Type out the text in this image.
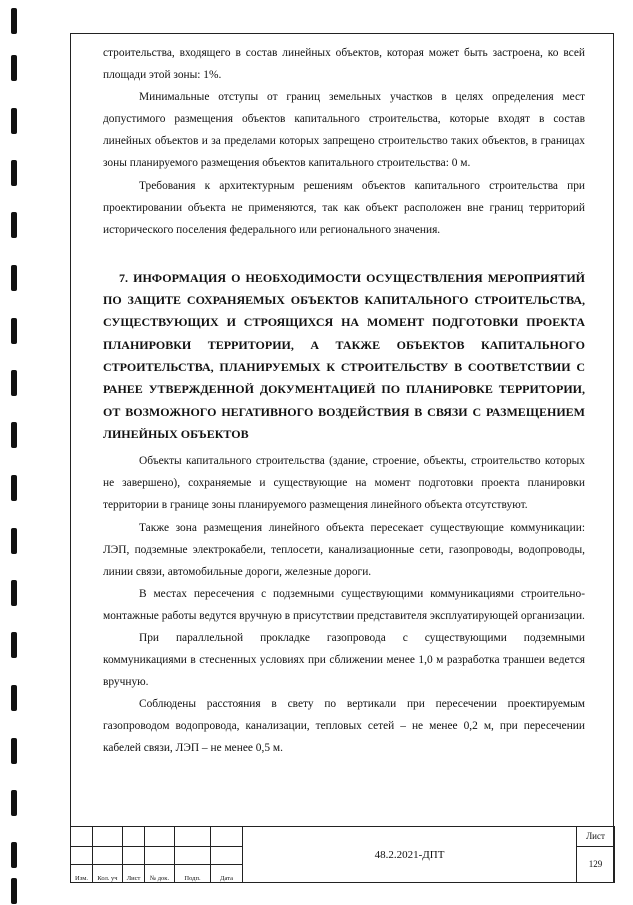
строительства, входящего в состав линейных объектов, которая может быть застроена, ко всей площади этой зоны: 1%.

Минимальные отступы от границ земельных участков в целях определения мест допустимого размещения объектов капитального строительства, которые входят в состав линейных объектов и за пределами которых запрещено строительство таких объектов, в границах зоны планируемого размещения объектов капитального строительства: 0 м.

Требования к архитектурным решениям объектов капитального строительства при проектировании объекта не применяются, так как объект расположен вне границ территорий исторического поселения федерального или регионального значения.

7. ИНФОРМАЦИЯ О НЕОБХОДИМОСТИ ОСУЩЕСТВЛЕНИЯ МЕРОПРИЯТИЙ ПО ЗАЩИТЕ СОХРАНЯЕМЫХ ОБЪЕКТОВ КАПИТАЛЬНОГО СТРОИТЕЛЬСТВА, СУЩЕСТВУЮЩИХ И СТРОЯЩИХСЯ НА МОМЕНТ ПОДГОТОВКИ ПРОЕКТА ПЛАНИРОВКИ ТЕРРИТОРИИ, А ТАКЖЕ ОБЪЕКТОВ КАПИТАЛЬНОГО СТРОИТЕЛЬСТВА, ПЛАНИРУЕМЫХ К СТРОИТЕЛЬСТВУ В СООТВЕТСТВИИ С РАНЕЕ УТВЕРЖДЕННОЙ ДОКУМЕНТАЦИЕЙ ПО ПЛАНИРОВКЕ ТЕРРИТОРИИ, ОТ ВОЗМОЖНОГО НЕГАТИВНОГО ВОЗДЕЙСТВИЯ В СВЯЗИ С РАЗМЕЩЕНИЕМ ЛИНЕЙНЫХ ОБЪЕКТОВ

Объекты капитального строительства (здание, строение, объекты, строительство которых не завершено), сохраняемые и существующие на момент подготовки проекта планировки территории в границе зоны планируемого размещения линейного объекта отсутствуют.

Также зона размещения линейного объекта пересекает существующие коммуникации: ЛЭП, подземные электрокабели, теплосети, канализационные сети, газопроводы, водопроводы, линии связи, автомобильные дороги, железные дороги.

В местах пересечения с подземными существующими коммуникациями строительно-монтажные работы ведутся вручную в присутствии представителя эксплуатирующей организации.

При параллельной прокладке газопровода с существующими подземными коммуникациями в стесненных условиях при сближении менее 1,0 м разработка траншеи ведется вручную.

Соблюдены расстояния в свету по вертикали при пересечении проектируемым газопроводом водопровода, канализации, тепловых сетей – не менее 0,2 м, при пересечении кабелей связи, ЛЭП – не менее 0,5 м.

						48.2.2021-ДПТ	Лист
							129
Изм.	Кол. уч	Лист	№ док.	Подп.	Дата		
